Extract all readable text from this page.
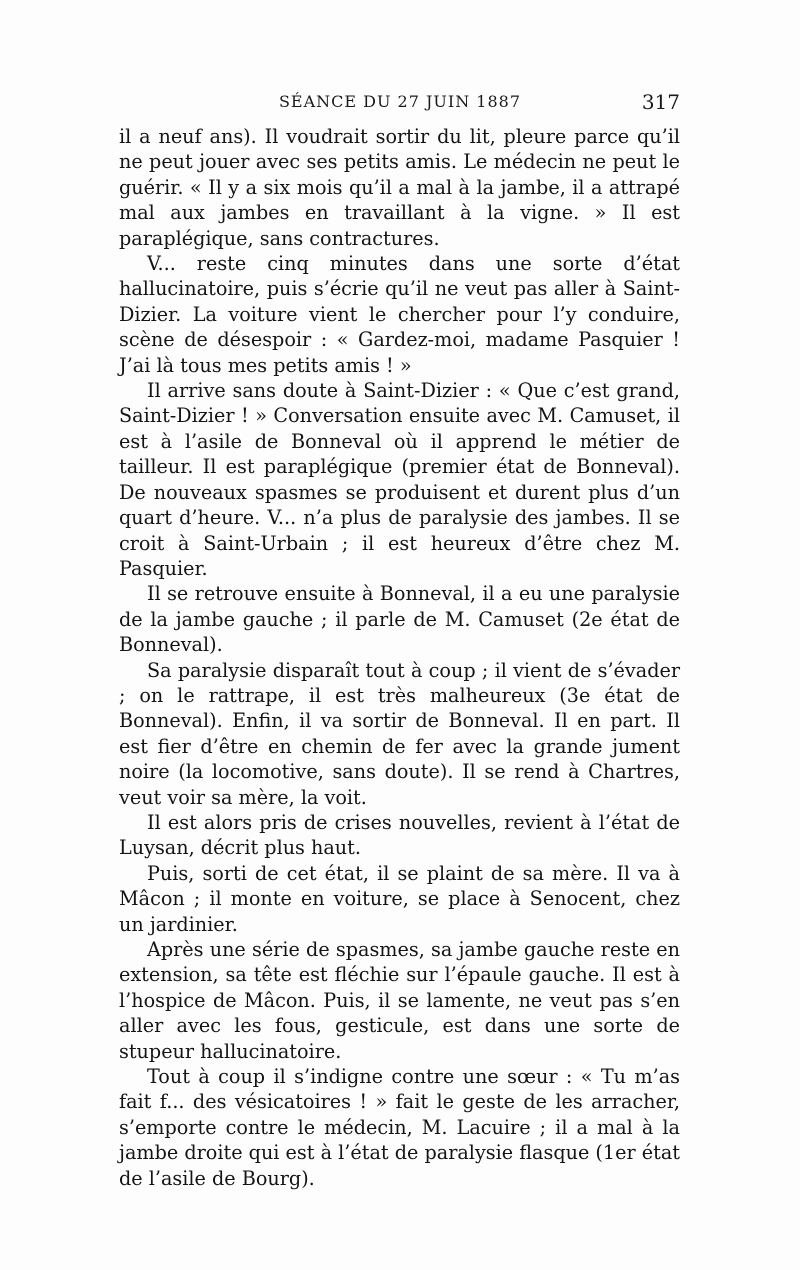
SÉANCE DU 27 JUIN 1887	317

il a neuf ans). Il voudrait sortir du lit, pleure parce qu’il ne peut jouer avec ses petits amis. Le médecin ne peut le guérir. « Il y a six mois qu’il a mal à la jambe, il a attrapé mal aux jambes en travaillant à la vigne. » Il est paraplégique, sans contractures.

V... reste cinq minutes dans une sorte d’état hallucinatoire, puis s’écrie qu’il ne veut pas aller à Saint-Dizier. La voiture vient le chercher pour l’y conduire, scène de désespoir : « Gardez-moi, madame Pasquier ! J’ai là tous mes petits amis ! »

Il arrive sans doute à Saint-Dizier : « Que c’est grand, Saint-Dizier ! » Conversation ensuite avec M. Camuset, il est à l’asile de Bonneval où il apprend le métier de tailleur. Il est paraplégique (premier état de Bonneval). De nouveaux spasmes se produisent et durent plus d’un quart d’heure. V... n’a plus de paralysie des jambes. Il se croit à Saint-Urbain ; il est heureux d’être chez M. Pasquier.

Il se retrouve ensuite à Bonneval, il a eu une paralysie de la jambe gauche ; il parle de M. Camuset (2e état de Bonneval).

Sa paralysie disparaît tout à coup ; il vient de s’évader ; on le rattrape, il est très malheureux (3e état de Bonneval). Enfin, il va sortir de Bonneval. Il en part. Il est fier d’être en chemin de fer avec la grande jument noire (la locomotive, sans doute). Il se rend à Chartres, veut voir sa mère, la voit.

Il est alors pris de crises nouvelles, revient à l’état de Luysan, décrit plus haut.

Puis, sorti de cet état, il se plaint de sa mère. Il va à Mâcon ; il monte en voiture, se place à Senocent, chez un jardinier.

Après une série de spasmes, sa jambe gauche reste en extension, sa tête est fléchie sur l’épaule gauche. Il est à l’hospice de Mâcon. Puis, il se lamente, ne veut pas s’en aller avec les fous, gesticule, est dans une sorte de stupeur hallucinatoire.

Tout à coup il s’indigne contre une sœur : « Tu m’as fait f... des vésicatoires ! » fait le geste de les arracher, s’emporte contre le médecin, M. Lacuire ; il a mal à la jambe droite qui est à l’état de paralysie flasque (1er état de l’asile de Bourg).
